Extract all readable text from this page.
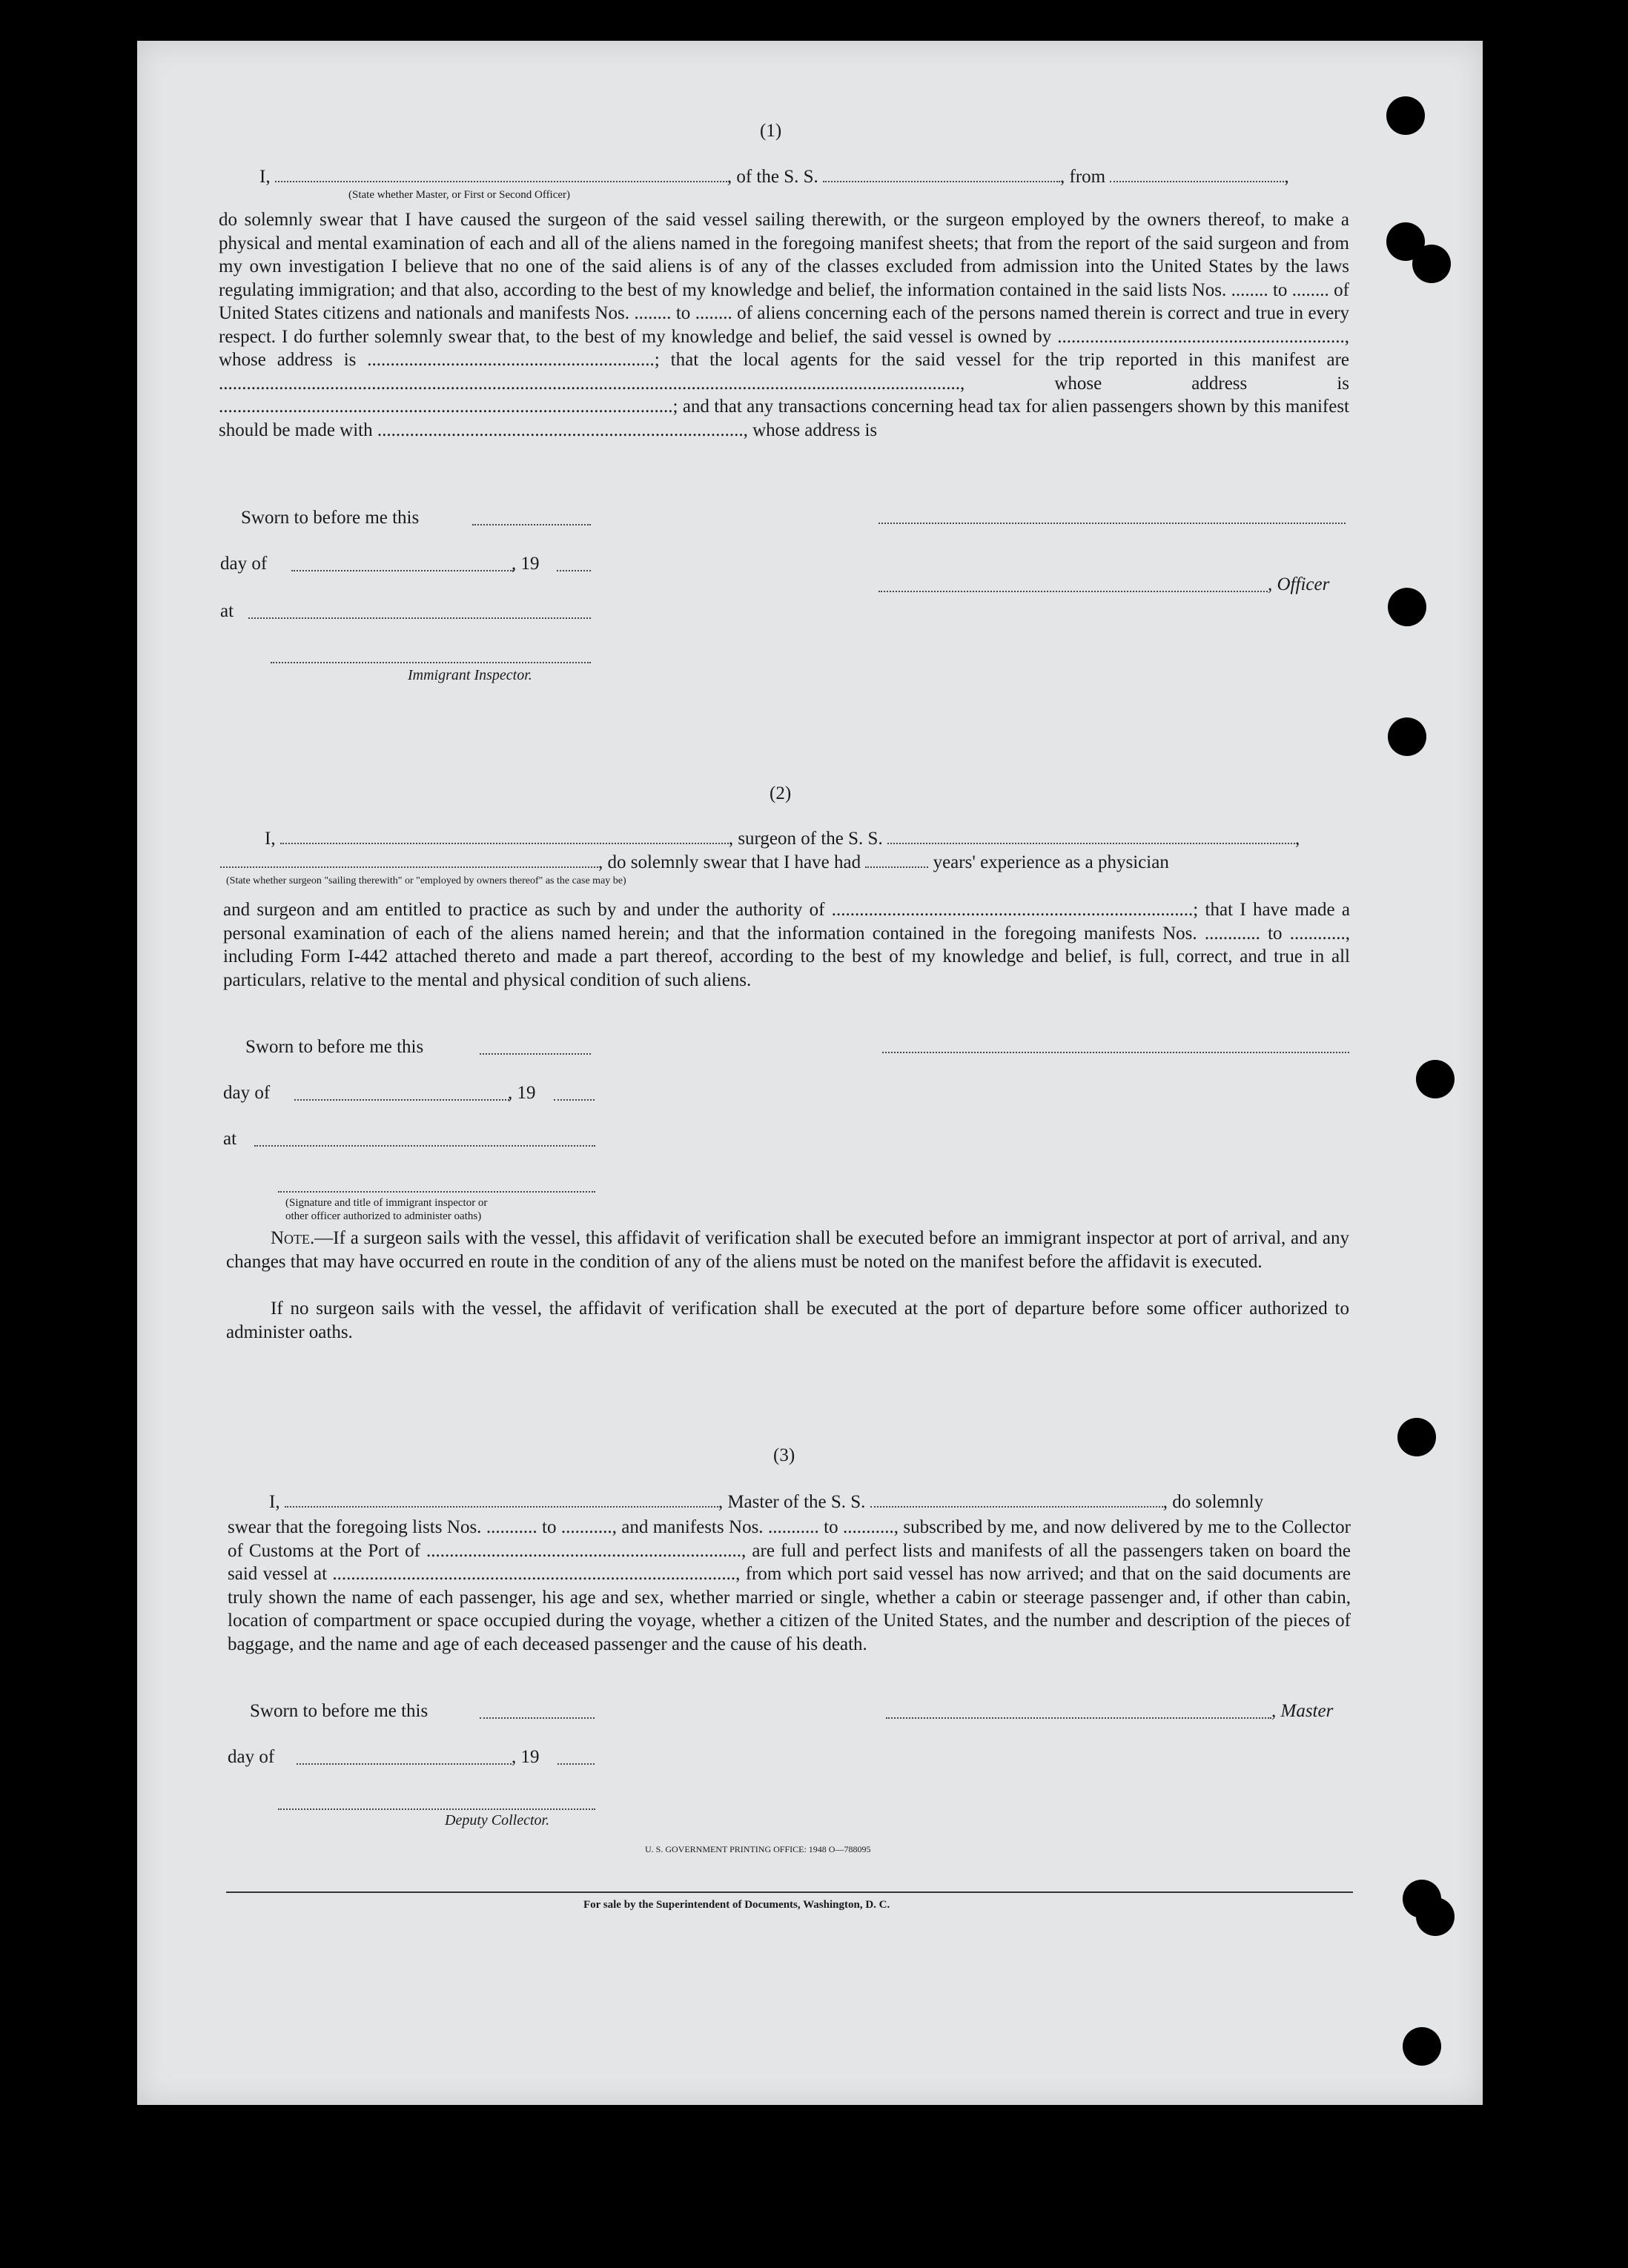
(1)
I,	, of the S. S.	, from	,
(State whether Master, or First or Second Officer)
do solemnly swear that I have caused the surgeon of the said vessel sailing therewith, or the surgeon employed by the owners thereof, to make a physical and mental examination of each and all of the aliens named in the foregoing manifest sheets; that from the report of the said surgeon and from my own investigation I believe that no one of the said aliens is of any of the classes excluded from admission into the United States by the laws regulating immigration; and that also, according to the best of my knowledge and belief, the information contained in the said lists Nos. ........ to ........ of United States citizens and nationals and manifests Nos. ........ to ........ of aliens concerning each of the persons named therein is correct and true in every respect. I do further solemnly swear that, to the best of my knowledge and belief, the said vessel is owned by .............................................................., whose address is ..............................................................; that the local agents for the said vessel for the trip reported in this manifest are ................................................................................................................................................................, whose address is ..................................................................................................; and that any transactions concerning head tax for alien passengers shown by this manifest should be made with ..............................................................................., whose address is
Sworn to before me this
day of	, 19
, Officer
at
Immigrant Inspector.
(2)
I,	, surgeon of the S. S.	,
, do solemnly swear that I have had	years' experience as a physician
(State whether surgeon "sailing therewith" or "employed by owners thereof" as the case may be)
and surgeon and am entitled to practice as such by and under the authority of ..............................................................................; that I have made a personal examination of each of the aliens named herein; and that the information contained in the foregoing manifests Nos. ............ to ............, including Form I-442 attached thereto and made a part thereof, according to the best of my knowledge and belief, is full, correct, and true in all particulars, relative to the mental and physical condition of such aliens.
Sworn to before me this
day of	, 19
at
(Signature and title of immigrant inspector or
other officer authorized to administer oaths)
Note.—If a surgeon sails with the vessel, this affidavit of verification shall be executed before an immigrant inspector at port of arrival, and any changes that may have occurred en route in the condition of any of the aliens must be noted on the manifest before the affidavit is executed.
If no surgeon sails with the vessel, the affidavit of verification shall be executed at the port of departure before some officer authorized to administer oaths.
(3)
I,	, Master of the S. S.	, do solemnly
swear that the foregoing lists Nos. ........... to ..........., and manifests Nos. ........... to ..........., subscribed by me, and now delivered by me to the Collector of Customs at the Port of ...................................................................., are full and perfect lists and manifests of all the passengers taken on board the said vessel at ......................................................................................., from which port said vessel has now arrived; and that on the said documents are truly shown the name of each passenger, his age and sex, whether married or single, whether a cabin or steerage passenger and, if other than cabin, location of compartment or space occupied during the voyage, whether a citizen of the United States, and the number and description of the pieces of baggage, and the name and age of each deceased passenger and the cause of his death.
Sworn to before me this	, Master
day of	, 19
Deputy Collector.
U. S. GOVERNMENT PRINTING OFFICE: 1948 O—788095
For sale by the Superintendent of Documents, Washington, D. C.
